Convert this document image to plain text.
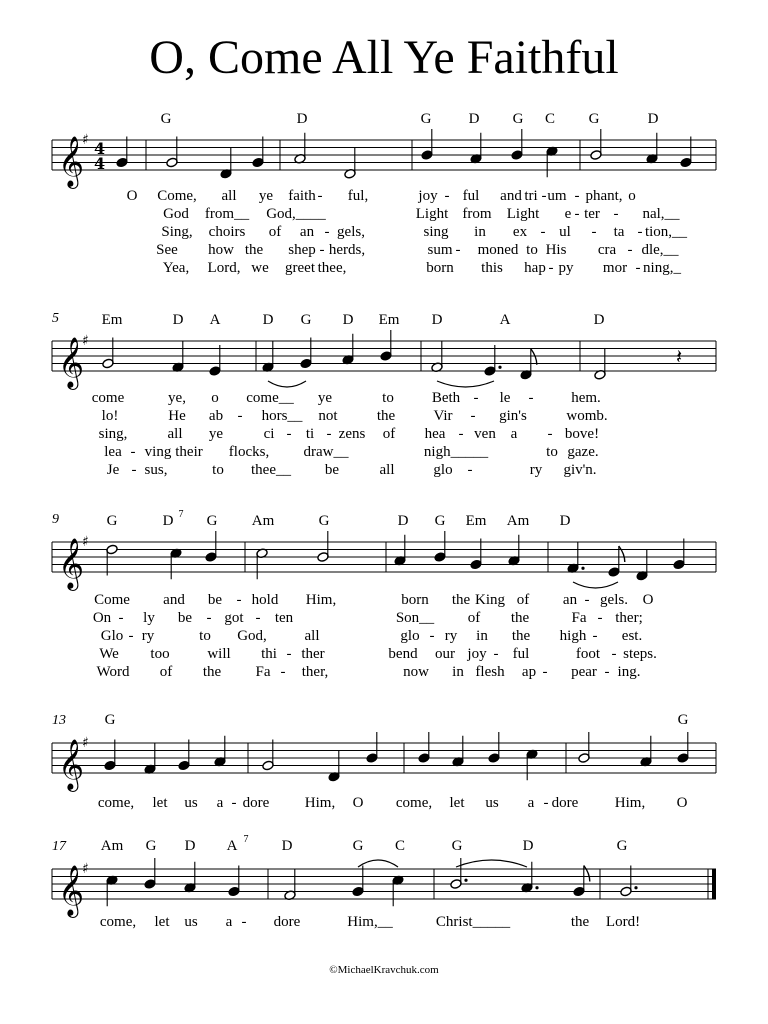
O, Come All Ye Faithful
G	D	G D G C G	D
𝄞
♯ 4
4
O Come, all ye faith - ful,	joy - ful and tri - um - phant, o
God from__ God,____	Light from Light e - ter - nal,__
Sing, choirs of an - gels,	sing in ex - ul - ta - tion,__
See how the shep - herds,	sum - moned to His cra - dle,__
Yea, Lord, we greet thee,	born this hap - py mor - ning,_
5	Em	D A	D G D Em D	A	D
𝄞
♯
𝄽
come	ye, o come__ ye	to	Beth - le -	hem.
lo!	He ab - hors__ not	the	Vir - gin's	womb.
sing,	all ye	ci - ti - zens of hea - ven a - bove!
lea - ving their flocks, draw__	nigh_____	to gaze.
Je - sus,	to thee__ be	all	glo -	ry giv'n.
9	G	D 7 G Am	G	D G Em Am D
𝄞
♯
Come and be - hold Him,	born the King of an - gels. O
On - ly be - got - ten	Son__ of the	Fa - ther;
Glo - ry	to God,	all	glo - ry in the high - est.
We too	will thi - ther	bend our joy - ful	foot - steps.
Word of the Fa - ther,	now in flesh ap - pear - ing.
13	G	G
𝄞
♯
come, let us a - dore Him, O come, let us a - dore Him, O
17 Am G D A 7 D	G C	G	D	G
𝄞
♯
come, let us a - dore	Him,__	Christ_____	the Lord!
©MichaelKravchuk.com
